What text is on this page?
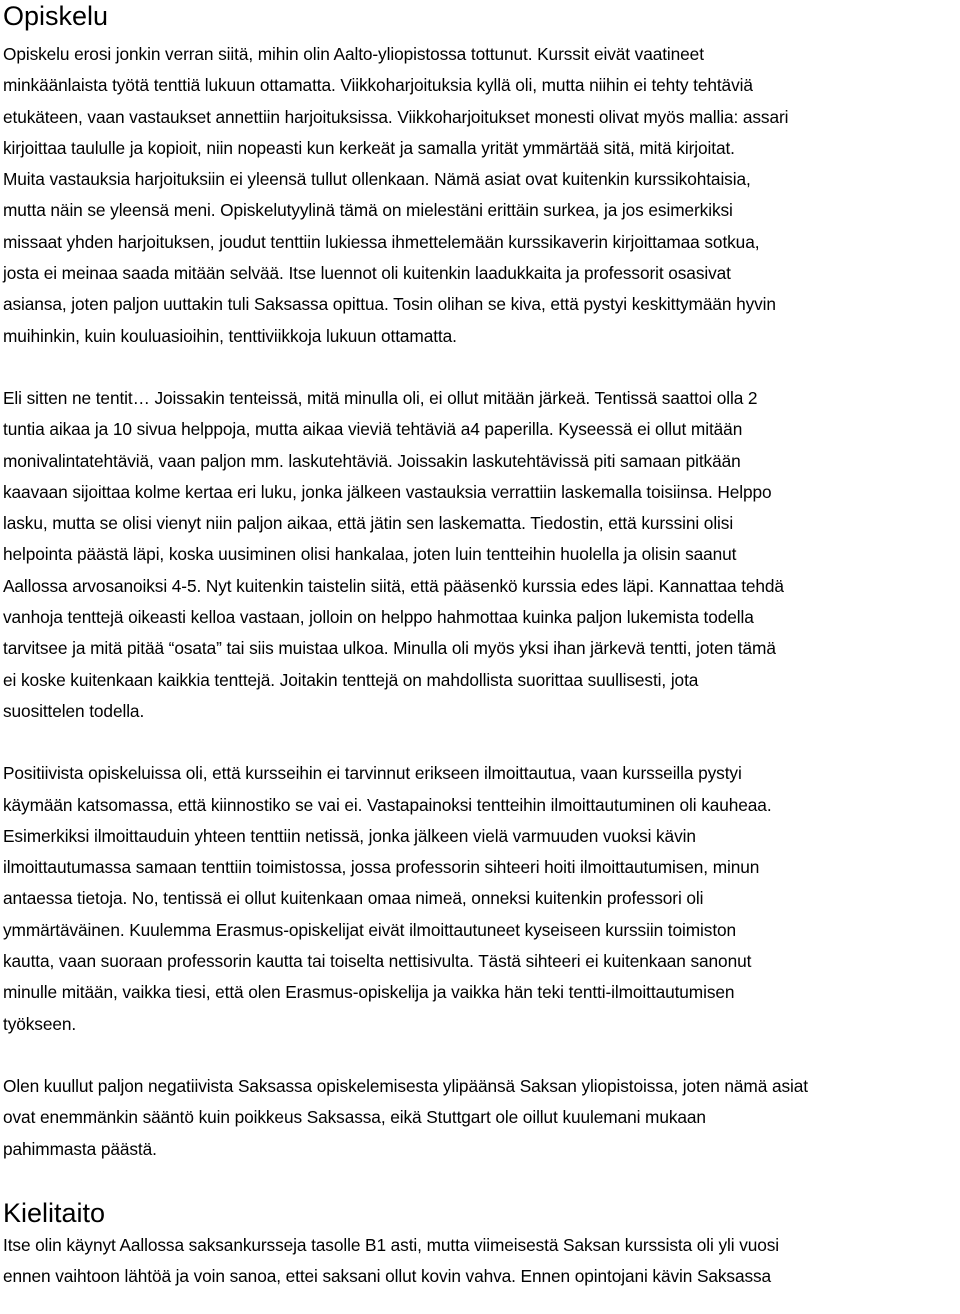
Opiskelu

Opiskelu erosi jonkin verran siitä, mihin olin Aalto-yliopistossa tottunut. Kurssit eivät vaatineet
minkäänlaista työtä tenttiä lukuun ottamatta. Viikkoharjoituksia kyllä oli, mutta niihin ei tehty tehtäviä
etukäteen, vaan vastaukset annettiin harjoituksissa. Viikkoharjoitukset monesti olivat myös mallia: assari
kirjoittaa taululle ja kopioit, niin nopeasti kun kerkeät ja samalla yrität ymmärtää sitä, mitä kirjoitat.
Muita vastauksia harjoituksiin ei yleensä tullut ollenkaan. Nämä asiat ovat kuitenkin kurssikohtaisia,
mutta näin se yleensä meni. Opiskelutyylinä tämä on mielestäni erittäin surkea, ja jos esimerkiksi
missaat yhden harjoituksen, joudut tenttiin lukiessa ihmettelemään kurssikaverin kirjoittamaa sotkua,
josta ei meinaa saada mitään selvää. Itse luennot oli kuitenkin laadukkaita ja professorit osasivat
asiansa, joten paljon uuttakin tuli Saksassa opittua. Tosin olihan se kiva, että pystyi keskittymään hyvin
muihinkin, kuin kouluasioihin, tenttiviikkoja lukuun ottamatta.

Eli sitten ne tentit… Joissakin tenteissä, mitä minulla oli, ei ollut mitään järkeä. Tentissä saattoi olla 2
tuntia aikaa ja 10 sivua helppoja, mutta aikaa vieviä tehtäviä a4 paperilla. Kyseessä ei ollut mitään
monivalintatehtäviä, vaan paljon mm. laskutehtäviä. Joissakin laskutehtävissä piti samaan pitkään
kaavaan sijoittaa kolme kertaa eri luku, jonka jälkeen vastauksia verrattiin laskemalla toisiinsa. Helppo
lasku, mutta se olisi vienyt niin paljon aikaa, että jätin sen laskematta. Tiedostin, että kurssini olisi
helpointa päästä läpi, koska uusiminen olisi hankalaa, joten luin tentteihin huolella ja olisin saanut
Aallossa arvosanoiksi 4-5. Nyt kuitenkin taistelin siitä, että pääsenkö kurssia edes läpi. Kannattaa tehdä
vanhoja tenttejä oikeasti kelloa vastaan, jolloin on helppo hahmottaa kuinka paljon lukemista todella
tarvitsee ja mitä pitää “osata” tai siis muistaa ulkoa. Minulla oli myös yksi ihan järkevä tentti, joten tämä
ei koske kuitenkaan kaikkia tenttejä. Joitakin tenttejä on mahdollista suorittaa suullisesti, jota
suosittelen todella.

Positiivista opiskeluissa oli, että kursseihin ei tarvinnut erikseen ilmoittautua, vaan kursseilla pystyi
käymään katsomassa, että kiinnostiko se vai ei. Vastapainoksi tentteihin ilmoittautuminen oli kauheaa.
Esimerkiksi ilmoittauduin yhteen tenttiin netissä, jonka jälkeen vielä varmuuden vuoksi kävin
ilmoittautumassa samaan tenttiin toimistossa, jossa professorin sihteeri hoiti ilmoittautumisen, minun
antaessa tietoja. No, tentissä ei ollut kuitenkaan omaa nimeä, onneksi kuitenkin professori oli
ymmärtäväinen. Kuulemma Erasmus-opiskelijat eivät ilmoittautuneet kyseiseen kurssiin toimiston
kautta, vaan suoraan professorin kautta tai toiselta nettisivulta. Tästä sihteeri ei kuitenkaan sanonut
minulle mitään, vaikka tiesi, että olen Erasmus-opiskelija ja vaikka hän teki tentti-ilmoittautumisen
työkseen.

Olen kuullut paljon negatiivista Saksassa opiskelemisesta ylipäänsä Saksan yliopistoissa, joten nämä asiat
ovat enemmänkin sääntö kuin poikkeus Saksassa, eikä Stuttgart ole oillut kuulemani mukaan
pahimmasta päästä.

Kielitaito

Itse olin käynyt Aallossa saksankursseja tasolle B1 asti, mutta viimeisestä Saksan kurssista oli yli vuosi
ennen vaihtoon lähtöä ja voin sanoa, ettei saksani ollut kovin vahva. Ennen opintojani kävin Saksassa
